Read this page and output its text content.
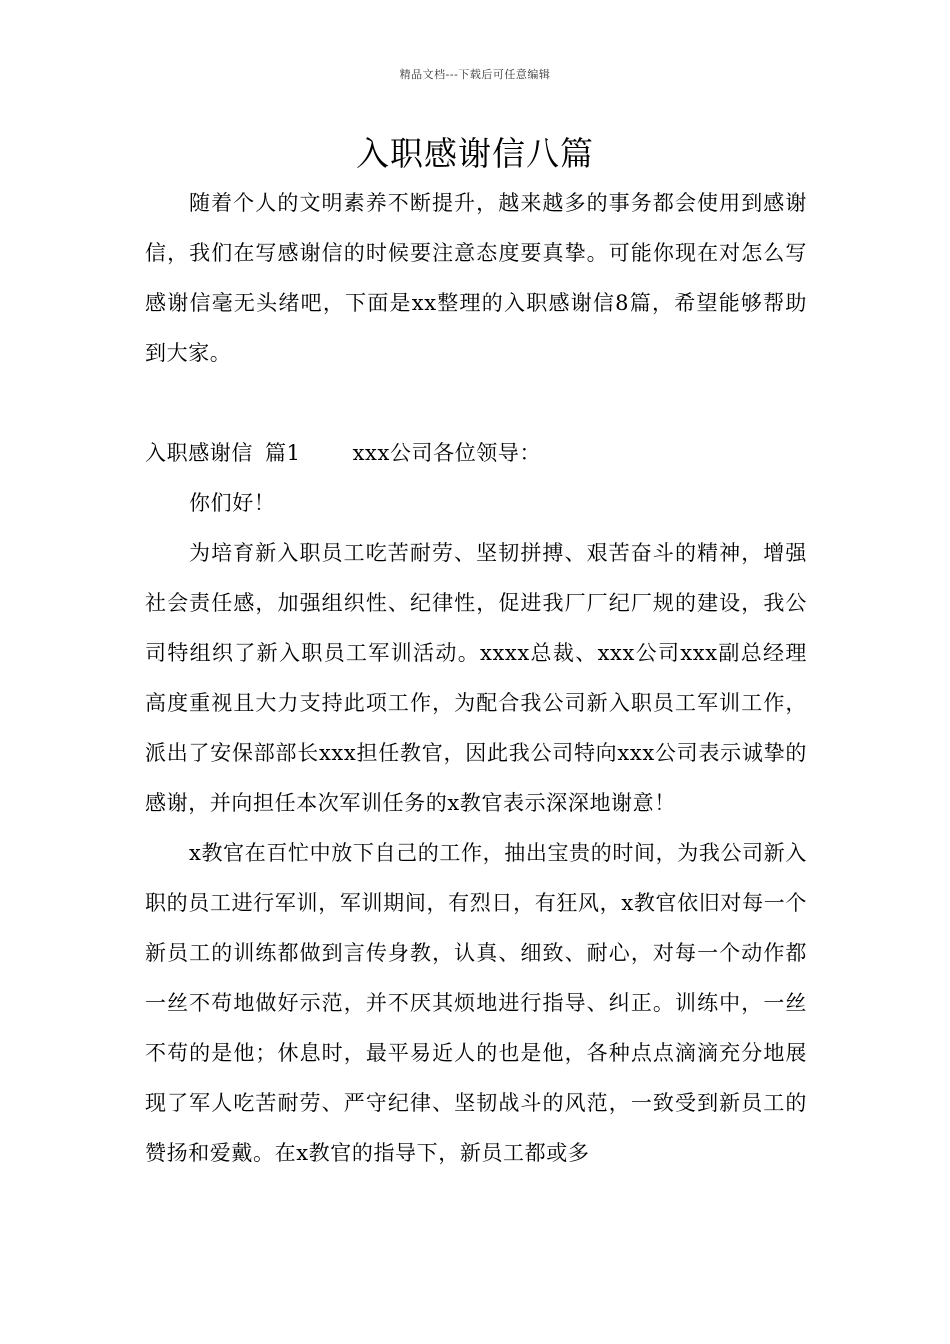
精品文档---下载后可任意编辑
入职感谢信八篇

随着个人的文明素养不断提升，越来越多的事务都会使用到感谢信，我们在写感谢信的时候要注意态度要真挚。可能你现在对怎么写感谢信毫无头绪吧，下面是xx整理的入职感谢信8篇，希望能够帮助到大家。

入职感谢信 篇1 xxx公司各位领导：

你们好！

为培育新入职员工吃苦耐劳、坚韧拼搏、艰苦奋斗的精神，增强社会责任感，加强组织性、纪律性，促进我厂厂纪厂规的建设，我公司特组织了新入职员工军训活动。xxxx总裁、xxx公司xxx副总经理高度重视且大力支持此项工作，为配合我公司新入职员工军训工作，派出了安保部部长xxx担任教官，因此我公司特向xxx公司表示诚挚的感谢，并向担任本次军训任务的x教官表示深深地谢意！

x教官在百忙中放下自己的工作，抽出宝贵的时间，为我公司新入职的员工进行军训，军训期间，有烈日，有狂风，x教官依旧对每一个新员工的训练都做到言传身教，认真、细致、耐心，对每一个动作都一丝不苟地做好示范，并不厌其烦地进行指导、纠正。训练中，一丝不苟的是他；休息时，最平易近人的也是他，各种点点滴滴充分地展现了军人吃苦耐劳、严守纪律、坚韧战斗的风范，一致受到新员工的赞扬和爱戴。在x教官的指导下，新员工都或多
